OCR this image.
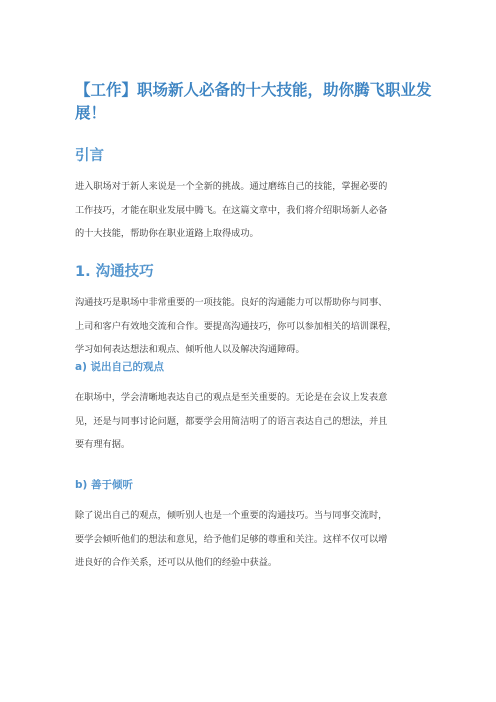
【工作】职场新人必备的十大技能，助你腾飞职业发
展！
引言
进入职场对于新人来说是一个全新的挑战。通过磨练自己的技能，掌握必要的
工作技巧，才能在职业发展中腾飞。在这篇文章中，我们将介绍职场新人必备
的十大技能，帮助你在职业道路上取得成功。
1. 沟通技巧
沟通技巧是职场中非常重要的一项技能。良好的沟通能力可以帮助你与同事、
上司和客户有效地交流和合作。要提高沟通技巧，你可以参加相关的培训课程，
学习如何表达想法和观点、倾听他人以及解决沟通障碍。
a) 说出自己的观点
在职场中，学会清晰地表达自己的观点是至关重要的。无论是在会议上发表意
见，还是与同事讨论问题，都要学会用简洁明了的语言表达自己的想法，并且
要有理有据。
b) 善于倾听
除了说出自己的观点，倾听别人也是一个重要的沟通技巧。当与同事交流时，
要学会倾听他们的想法和意见，给予他们足够的尊重和关注。这样不仅可以增
进良好的合作关系，还可以从他们的经验中获益。
